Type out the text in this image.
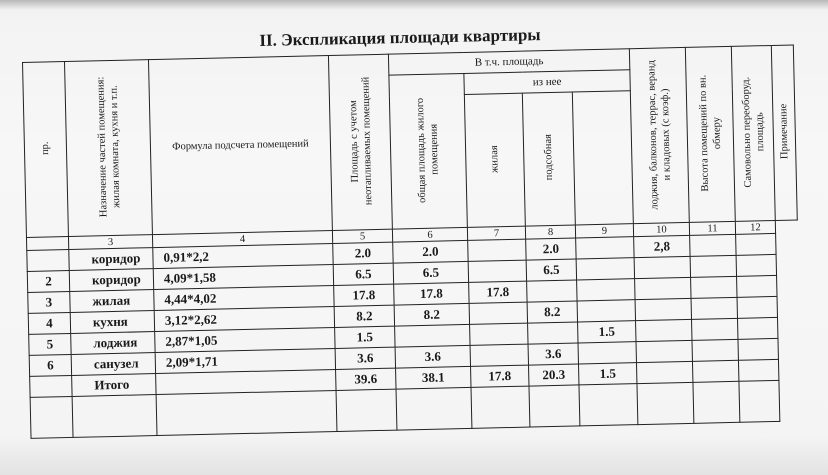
II. Экспликация площади квартиры
пр.	Назначение частей помещения: жилая комната, кухня и т.п.	Формула подсчета помещений	Площадь с учетом неотапливаемых помещений	В т.ч. площадь				лоджия, балконов, террас, веранд и кладовых (с коэф.)	Высота помещений по вн. обмеру	Самовольно переоборуд. площадь	Примечание
				общая площадь жилого помещения	из нее						
					жилая	подсобная					
	3	4	5	6	7	8	9	10	11	12	
	коридор	0,91*2,2	2.0	2.0		2.0		2,8			
2	коридор	4,09*1,58	6.5	6.5		6.5					
3	жилая	4,44*4,02	17.8	17.8	17.8						
4	кухня	3,12*2,62	8.2	8.2		8.2					
5	лоджия	2,87*1,05	1.5				1.5				
6	санузел	2,09*1,71	3.6	3.6		3.6					
	Итого		39.6	38.1	17.8	20.3	1.5				
